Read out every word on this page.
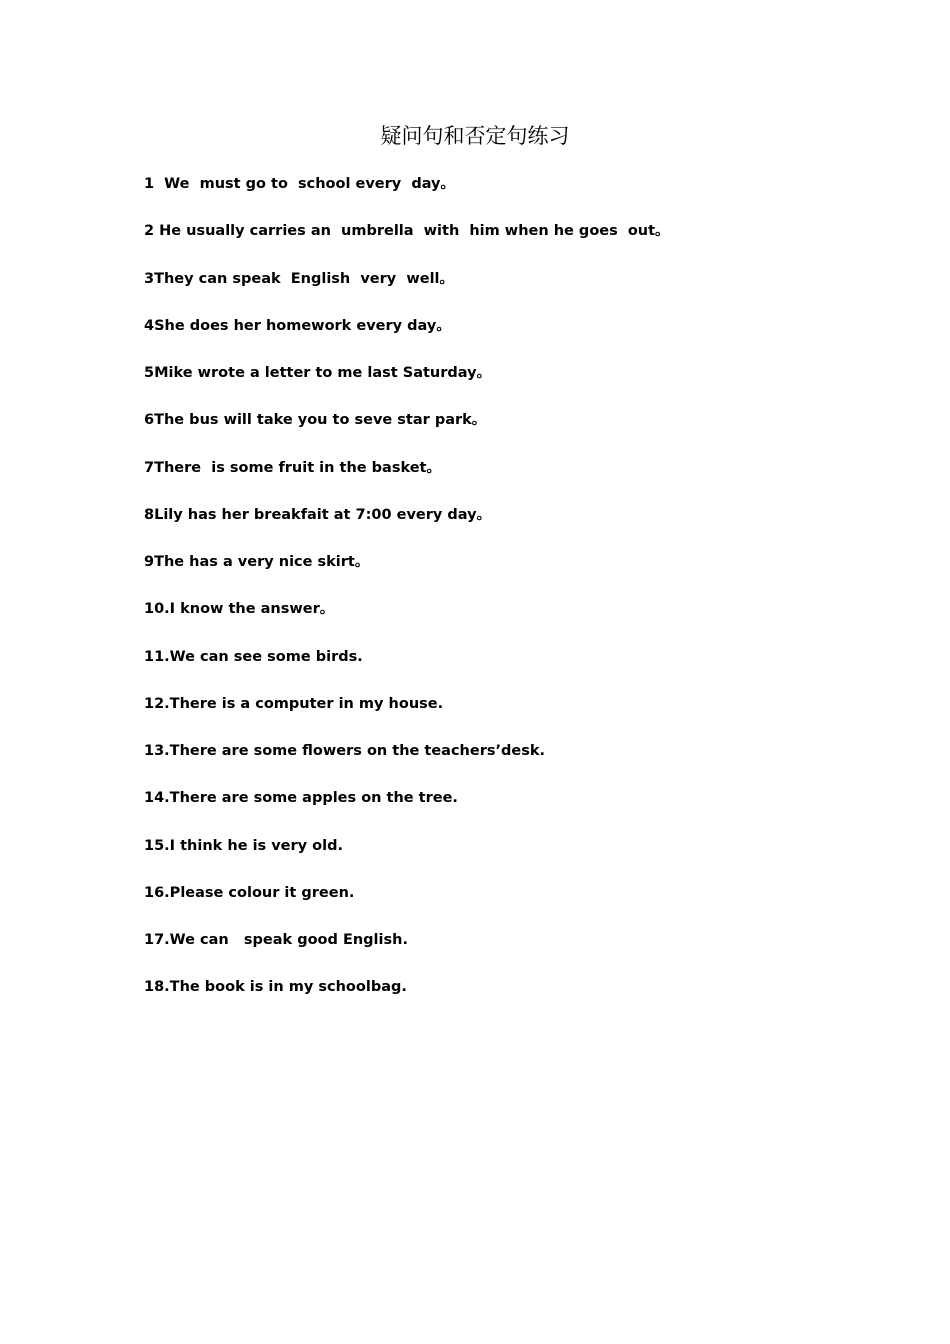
疑问句和否定句练习
1  We  must go to  school every  day。
2 He usually carries an  umbrella  with  him when he goes  out。
3They can speak  English  very  well。
4She does her homework every day。
5Mike wrote a letter to me last Saturday。
6The bus will take you to seve star park。
7There  is some fruit in the basket。
8Lily has her breakfait at 7:00 every day。
9The has a very nice skirt。
10.I know the answer。
11.We can see some birds.
12.There is a computer in my house.
13.There are some flowers on the teachers’desk.
14.There are some apples on the tree.
15.I think he is very old.
16.Please colour it green.
17.We can   speak good English.
18.The book is in my schoolbag.
